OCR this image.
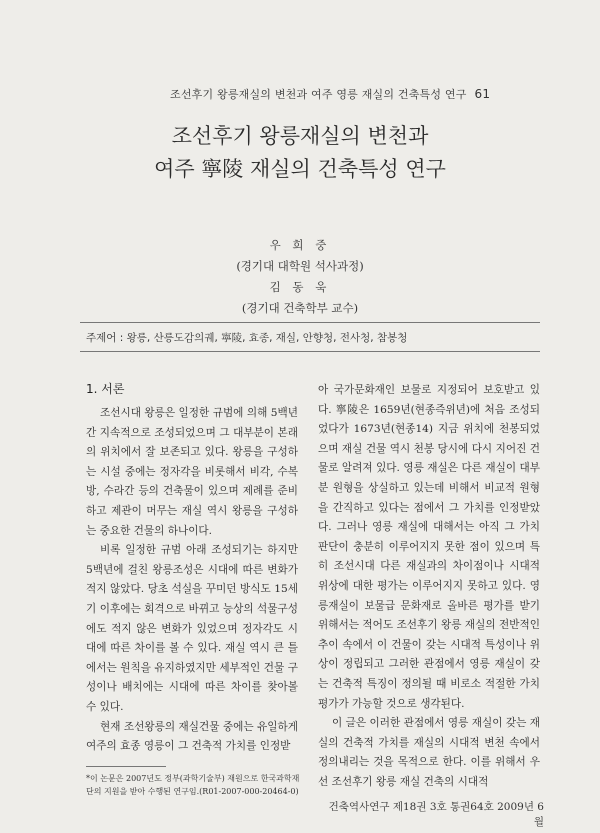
조선후기 왕릉재실의 변천과 여주 영릉 재실의 건축특성 연구 61
조선후기 왕릉재실의 변천과
여주 寧陵 재실의 건축특성 연구
우 희 중
(경기대 대학원 석사과정)
김 동 욱
(경기대 건축학부 교수)
주제어 : 왕릉, 산릉도감의궤, 寧陵, 효종, 재실, 안향청, 전사청, 참봉청
1. 서론

조선시대 왕릉은 일정한 규범에 의해 5백년 간 지속적으로 조성되었으며 그 대부분이 본래의 위치에서 잘 보존되고 있다. 왕릉을 구성하는 시설 중에는 정자각을 비롯해서 비각, 수복방, 수라간 등의 건축물이 있으며 제례를 준비하고 제관이 머무는 재실 역시 왕릉을 구성하는 중요한 건물의 하나이다.

비록 일정한 규범 아래 조성되기는 하지만 5백년에 걸친 왕릉조성은 시대에 따른 변화가 적지 않았다. 당초 석실을 꾸미던 방식도 15세기 이후에는 회격으로 바뀌고 능상의 석물구성에도 적지 않은 변화가 있었으며 정자각도 시대에 따른 차이를 볼 수 있다. 재실 역시 큰 틀에서는 원칙을 유지하였지만 세부적인 건물 구성이나 배치에는 시대에 따른 차이를 찾아볼 수 있다.

현재 조선왕릉의 재실건물 중에는 유일하게 여주의 효종 영릉이 그 건축적 가치를 인정받

아 국가문화재인 보물로 지정되어 보호받고 있다. 寧陵은 1659년(현종즉위년)에 처음 조성되었다가 1673년(현종14) 지금 위치에 천봉되었으며 재실 건물 역시 천봉 당시에 다시 지어진 건물로 알려져 있다. 영릉 재실은 다른 재실이 대부분 원형을 상실하고 있는데 비해서 비교적 원형을 간직하고 있다는 점에서 그 가치를 인정받았다. 그러나 영릉 재실에 대해서는 아직 그 가치 판단이 충분히 이루어지지 못한 점이 있으며 특히 조선시대 다른 재실과의 차이점이나 시대적 위상에 대한 평가는 이루어지지 못하고 있다. 영릉재실이 보물급 문화재로 올바른 평가를 받기 위해서는 적어도 조선후기 왕릉 재실의 전반적인 추이 속에서 이 건물이 갖는 시대적 특성이나 위상이 정립되고 그러한 관점에서 영릉 재실이 갖는 건축적 특징이 정의될 때 비로소 적절한 가치 평가가 가능할 것으로 생각된다.

이 글은 이러한 관점에서 영릉 재실이 갖는 재실의 건축적 가치를 재실의 시대적 변천 속에서 정의내리는 것을 목적으로 한다. 이를 위해서 우선 조선후기 왕릉 재실 건축의 시대적

*이 논문은 2007년도 정부(과학기술부) 재원으로 한국과학재단의 지원을 받아 수행된 연구임.(R01-2007-000-20464-0)
건축역사연구 제18권 3호 통권64호 2009년 6월
